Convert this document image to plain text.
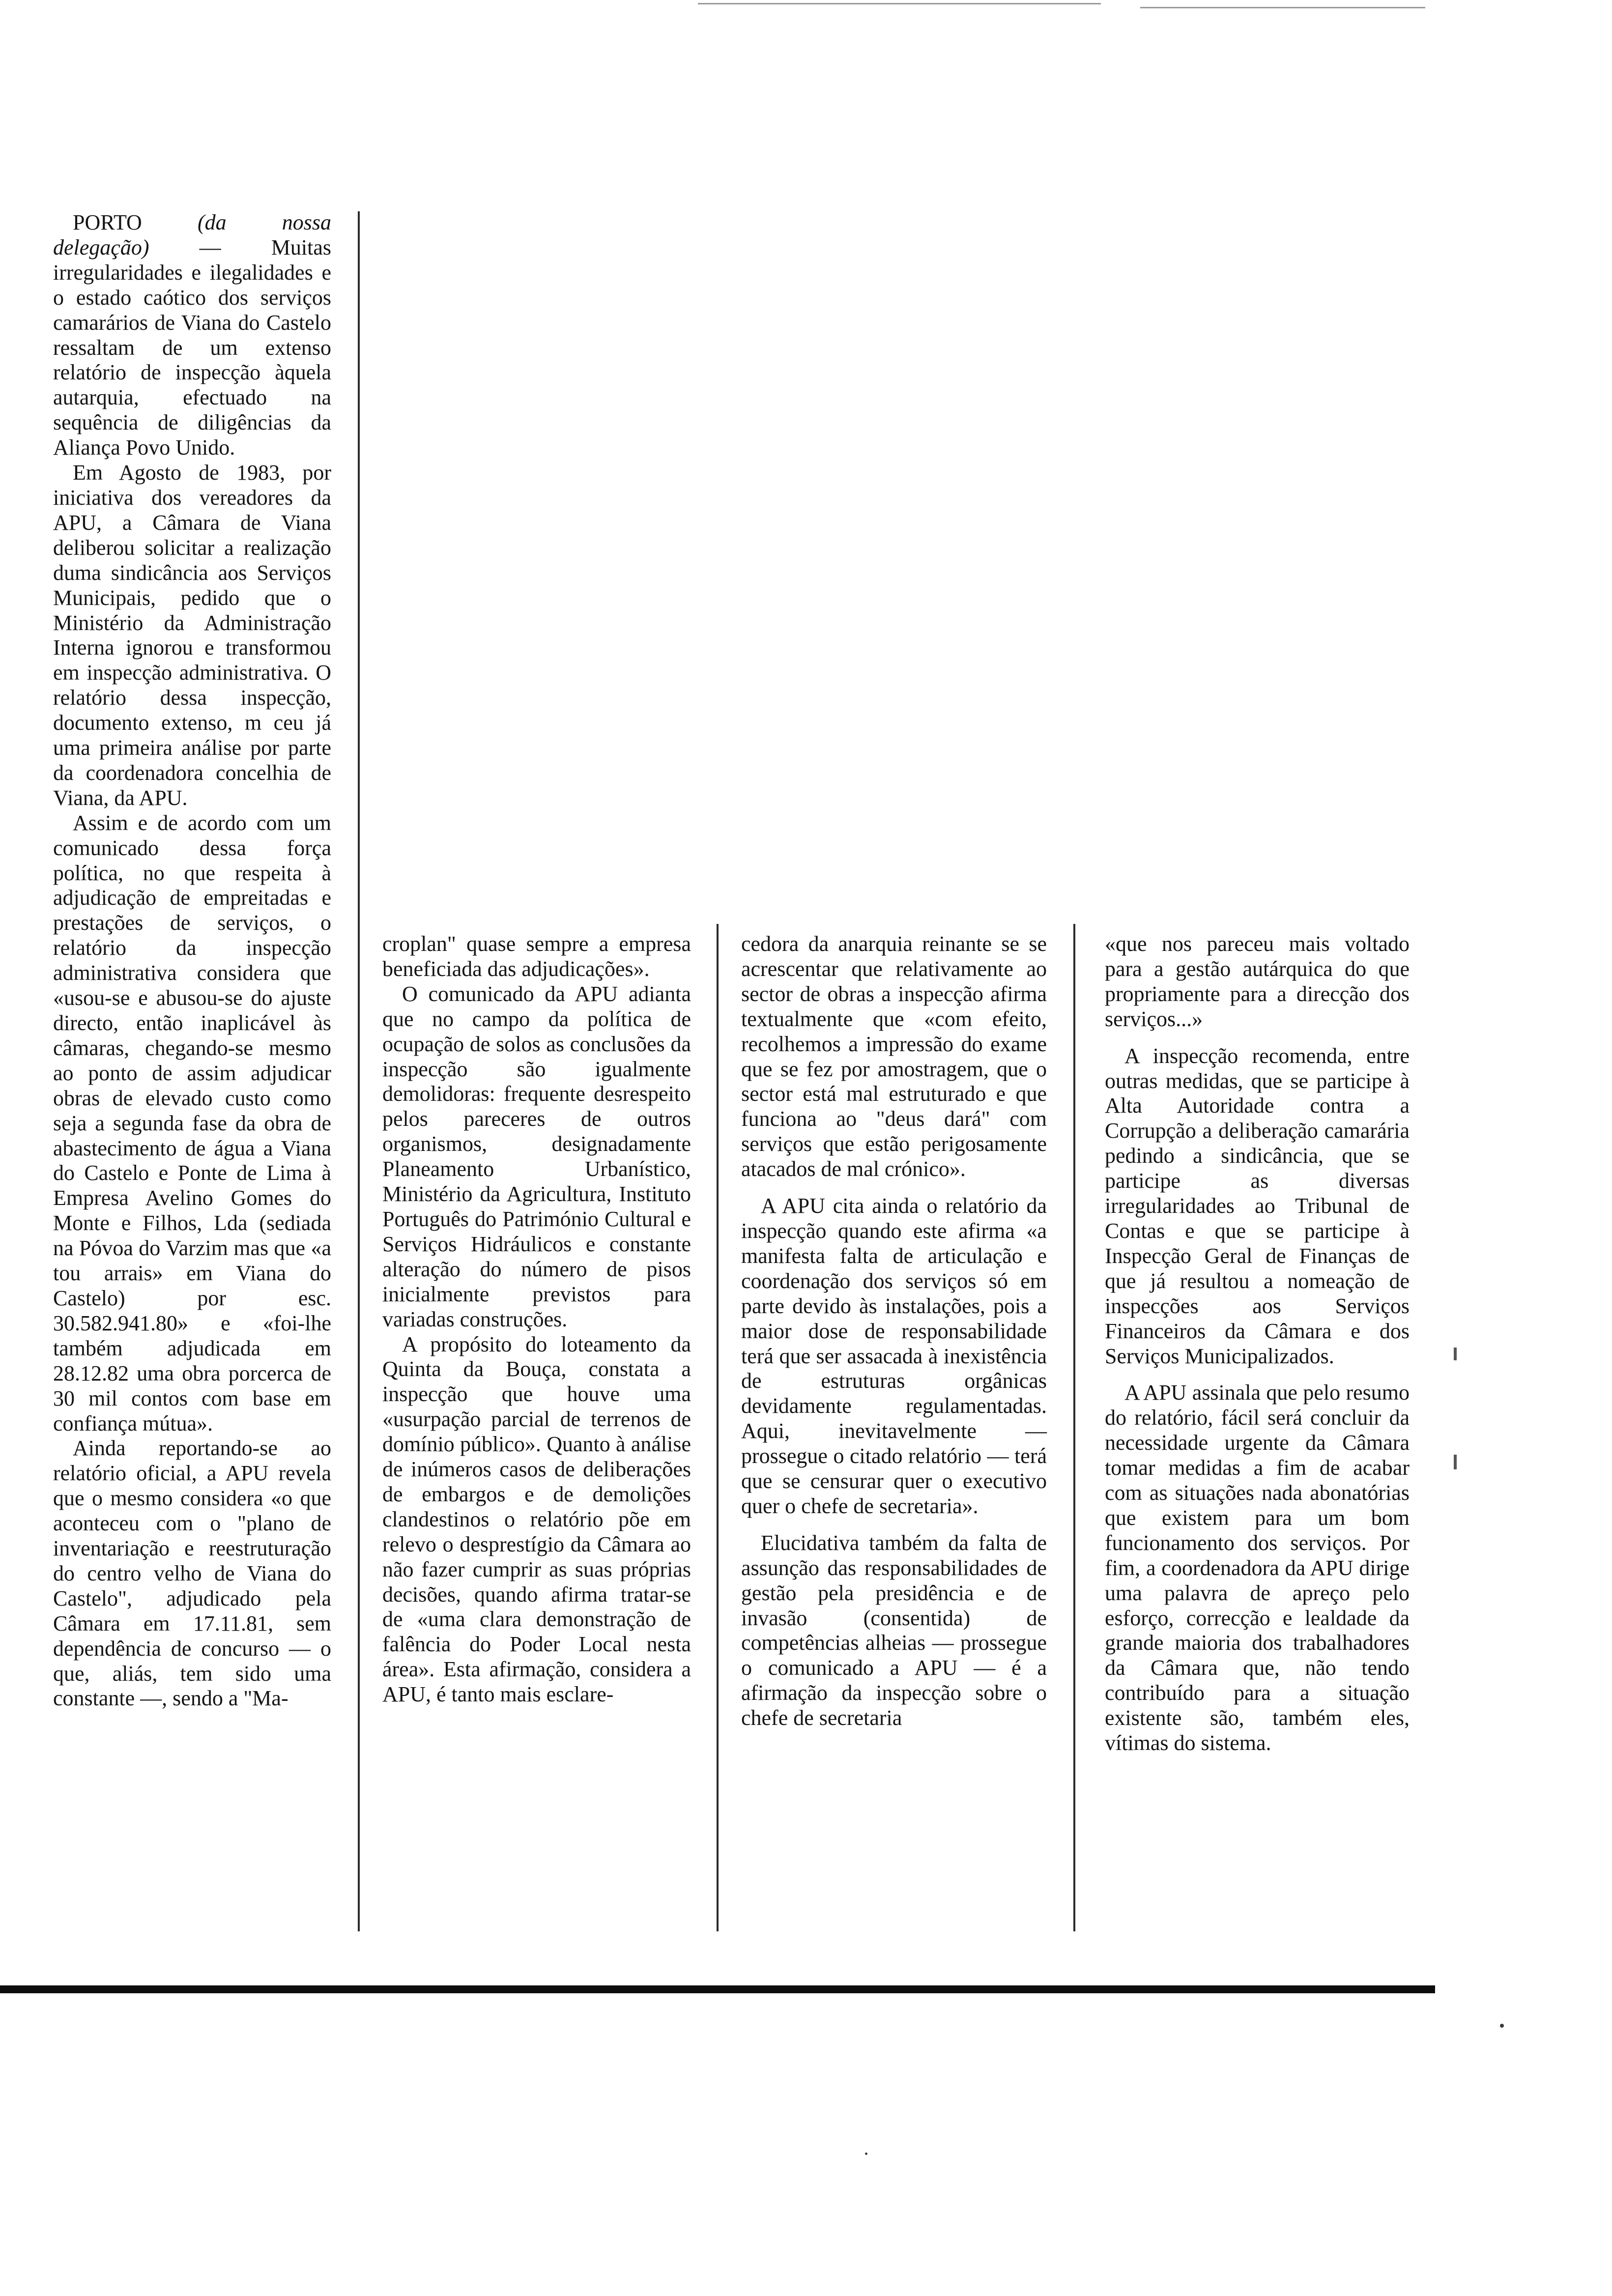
PORTO	(da nossa delegação) — Muitas irregularidades e ilegalidades e o estado caótico dos serviços camarários de Viana do Castelo ressaltam de um extenso relatório de inspecção àquela autarquia, efectuado na sequência de diligências da Aliança Povo Unido.

Em Agosto de 1983, por iniciativa dos vereadores da APU, a Câmara de Viana deliberou solicitar a realização duma sindicância aos Serviços Municipais, pedido que o Ministério da Administração Interna ignorou e transformou em inspecção administrativa. O relatório dessa inspecção, documento extenso, m ceu já uma primeira análise por parte da coordenadora concelhia de Viana, da APU.

Assim e de acordo com um comunicado dessa força política, no que respeita à adjudicação de empreitadas e prestações de serviços, o relatório da inspecção administrativa considera que «usou-se e abusou-se do ajuste directo, então inaplicável às câmaras, chegando-se mesmo ao ponto de assim adjudicar obras de elevado custo como seja a segunda fase da obra de abastecimento de água a Viana do Castelo e Ponte de Lima à Empresa Avelino Gomes do Monte e Filhos, Lda (sediada na Póvoa do Varzim mas que «a tou arrais» em Viana do Castelo) por esc. 30.582.941.80» e «foi-lhe também adjudicada em 28.12.82 uma obra porcerca de 30 mil contos com base em confiança mútua».

Ainda reportando-se ao relatório oficial, a APU revela que o mesmo considera «o que aconteceu com o "plano de inventariação e reestruturação do centro velho de Viana do Castelo", adjudicado pela Câmara em 17.11.81, sem dependência de concurso — o que, aliás, tem sido uma constante —, sendo a "Ma-

croplan" quase sempre a empresa beneficiada das adjudicações».

O comunicado da APU adianta que no campo da política de ocupação de solos as conclusões da inspecção são igualmente demolidoras: frequente desrespeito pelos pareceres de outros organismos, designadamente Planeamento Urbanístico, Ministério da Agricultura, Instituto Português do Património Cultural e Serviços Hidráulicos e constante alteração do número de pisos inicialmente previstos para variadas construções.

A propósito do loteamento da Quinta da Bouça, constata a inspecção que houve uma «usurpação parcial de terrenos de domínio público». Quanto à análise de inúmeros casos de deliberações de embargos e de demolições clandestinos o relatório põe em relevo o desprestígio da Câmara ao não fazer cumprir as suas próprias decisões, quando afirma tratar-se de «uma clara demonstração de falência do Poder Local nesta área». Esta afirmação, considera a APU, é tanto mais esclare-

cedora da anarquia reinante se se acrescentar que relativamente ao sector de obras a inspecção afirma textualmente que «com efeito, recolhemos a impressão do exame que se fez por amostragem, que o sector está mal estruturado e que funciona ao "deus dará" com serviços que estão perigosamente atacados de mal crónico».

A APU cita ainda o relatório da inspecção quando este afirma «a manifesta falta de articulação e coordenação dos serviços só em parte devido às instalações, pois a maior dose de responsabilidade terá que ser assacada à inexistência de estruturas orgânicas devidamente regulamentadas. Aqui, inevitavelmente — prossegue o citado relatório — terá que se censurar quer o executivo quer o chefe de secretaria».

Elucidativa também da falta de assunção das responsabilidades de gestão pela presidência e de invasão (consentida) de competências alheias — prossegue o comunicado a APU — é a afirmação da inspecção sobre o chefe de secretaria

«que nos pareceu mais voltado para a gestão autárquica do que propriamente para a direcção dos serviços...»

A inspecção recomenda, entre outras medidas, que se participe à Alta Autoridade contra a Corrupção a deliberação camarária pedindo a sindicância, que se participe as diversas irregularidades ao Tribunal de Contas e que se participe à Inspecção Geral de Finanças de que já resultou a nomeação de inspecções aos Serviços Financeiros da Câmara e dos Serviços Municipalizados.

A APU assinala que pelo resumo do relatório, fácil será concluir da necessidade urgente da Câmara tomar medidas a fim de acabar com as situações nada abonatórias que existem para um bom funcionamento dos serviços. Por fim, a coordenadora da APU dirige uma palavra de apreço pelo esforço, correcção e lealdade da grande maioria dos trabalhadores da Câmara que, não tendo contribuído para a situação existente são, também eles, vítimas do sistema.
